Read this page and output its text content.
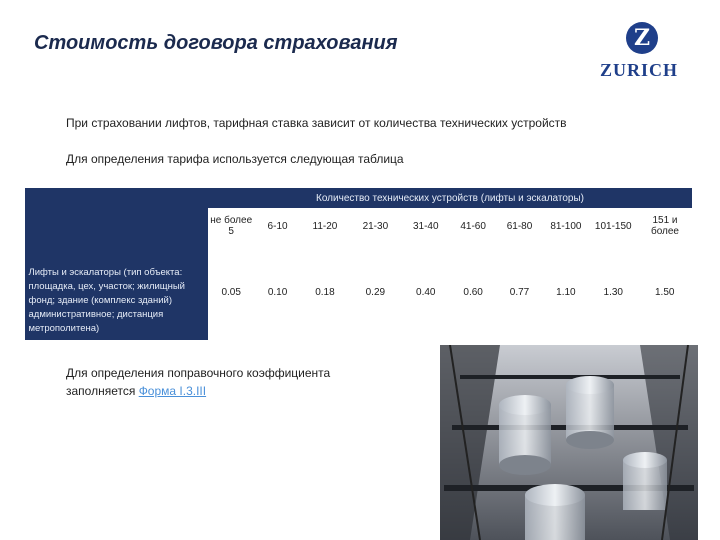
Стоимость договора страхования	Z
ZURICH
При страховании лифтов, тарифная ставка зависит от количества технических устройств
Для определения тарифа используется следующая таблица
	Количество технических устройств (лифты и эскалаторы)									
	не более 5	6-10	11-20	21-30	31-40	41-60	61-80	81-100	101-150	151 и более
Лифты и эскалаторы (тип объекта: площадка, цех, участок; жилищный фонд; здание (комплекс зданий) административное; дистанция метрополитена)	0.05	0.10	0.18	0.29	0.40	0.60	0.77	1.10	1.30	1.50
Для определения поправочного коэффициента заполняется Форма I.3.III
